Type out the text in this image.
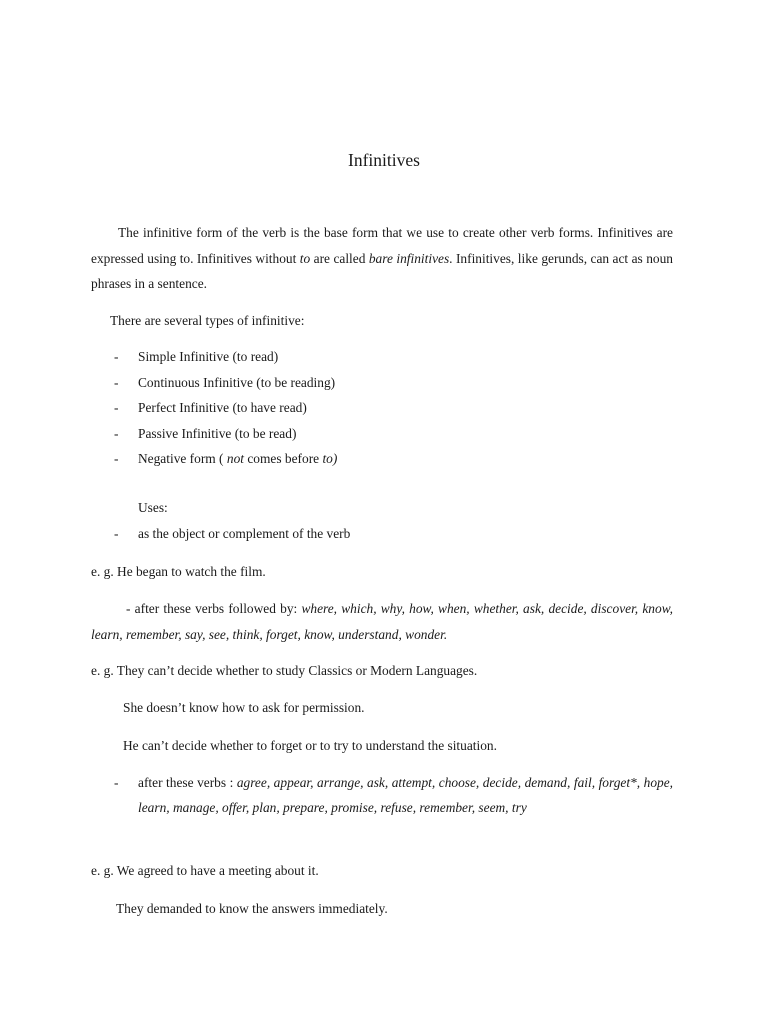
Infinitives
The infinitive form of the verb is the base form that we use to create other verb forms. Infinitives are expressed using to. Infinitives without to are called bare infinitives. Infinitives, like gerunds, can act as noun phrases in a sentence.
There are several types of infinitive:
- Simple Infinitive (to read)
- Continuous Infinitive (to be reading)
- Perfect Infinitive (to have read)
- Passive Infinitive (to be read)
- Negative form ( not comes before to)
Uses:
- as the object or complement of the verb
e. g. He began to watch the film.
- after these verbs followed by: where, which, why, how, when, whether, ask, decide, discover, know, learn, remember, say, see, think, forget, know, understand, wonder.
e. g. They can’t decide whether to study Classics or Modern Languages.
She doesn’t know how to ask for permission.
He can’t decide whether to forget or to try to understand the situation.
- after these verbs : agree, appear, arrange, ask, attempt, choose, decide, demand, fail, forget*, hope, learn, manage, offer, plan, prepare, promise, refuse, remember, seem, try
e. g. We agreed to have a meeting about it.
They demanded to know the answers immediately.
